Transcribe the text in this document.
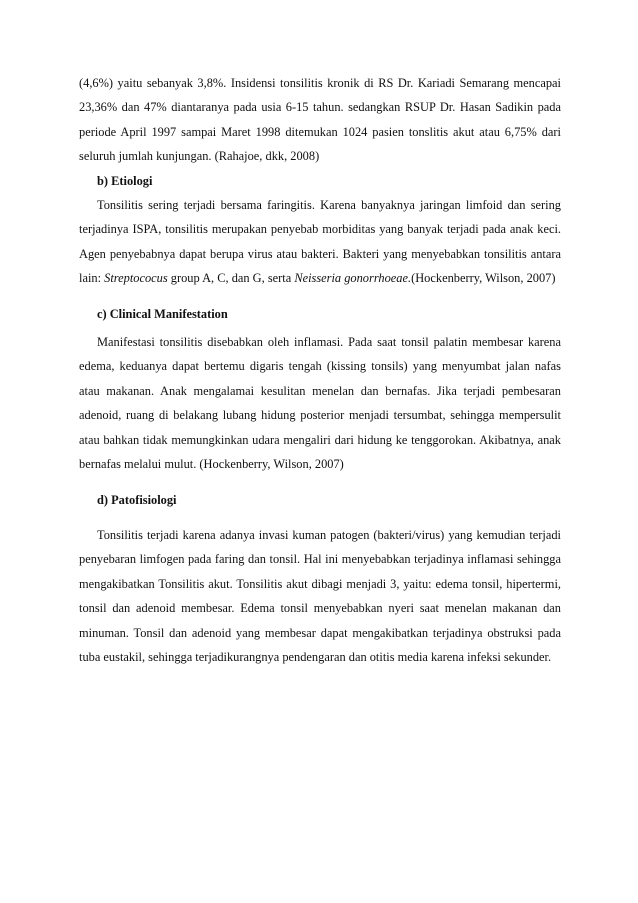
(4,6%) yaitu sebanyak 3,8%. Insidensi tonsilitis kronik di RS Dr. Kariadi Semarang mencapai 23,36% dan 47% diantaranya pada usia 6-15 tahun. sedangkan RSUP Dr. Hasan Sadikin pada periode April 1997 sampai Maret 1998 ditemukan 1024 pasien tonslitis akut atau 6,75% dari seluruh jumlah kunjungan. (Rahajoe, dkk, 2008)

b) Etiologi

Tonsilitis sering terjadi bersama faringitis. Karena banyaknya jaringan limfoid dan sering terjadinya ISPA, tonsilitis merupakan penyebab morbiditas yang banyak terjadi pada anak keci. Agen penyebabnya dapat berupa virus atau bakteri. Bakteri yang menyebabkan tonsilitis antara lain: Streptococus group A, C, dan G, serta Neisseria gonorrhoeae.(Hockenberry, Wilson, 2007)

c) Clinical Manifestation

Manifestasi tonsilitis disebabkan oleh inflamasi. Pada saat tonsil palatin membesar karena edema, keduanya dapat bertemu digaris tengah (kissing tonsils) yang menyumbat jalan nafas atau makanan. Anak mengalamai kesulitan menelan dan bernafas. Jika terjadi pembesaran adenoid, ruang di belakang lubang hidung posterior menjadi tersumbat, sehingga mempersulit atau bahkan tidak memungkinkan udara mengaliri dari hidung ke tenggorokan. Akibatnya, anak bernafas melalui mulut. (Hockenberry, Wilson, 2007)

d) Patofisiologi

Tonsilitis terjadi karena adanya invasi kuman patogen (bakteri/virus) yang kemudian terjadi penyebaran limfogen pada faring dan tonsil. Hal ini menyebabkan terjadinya inflamasi sehingga mengakibatkan Tonsilitis akut. Tonsilitis akut dibagi menjadi 3, yaitu: edema tonsil, hipertermi, tonsil dan adenoid membesar. Edema tonsil menyebabkan nyeri saat menelan makanan dan minuman. Tonsil dan adenoid yang membesar dapat mengakibatkan terjadinya obstruksi pada tuba eustakil, sehingga terjadikurangnya pendengaran dan otitis media karena infeksi sekunder.
